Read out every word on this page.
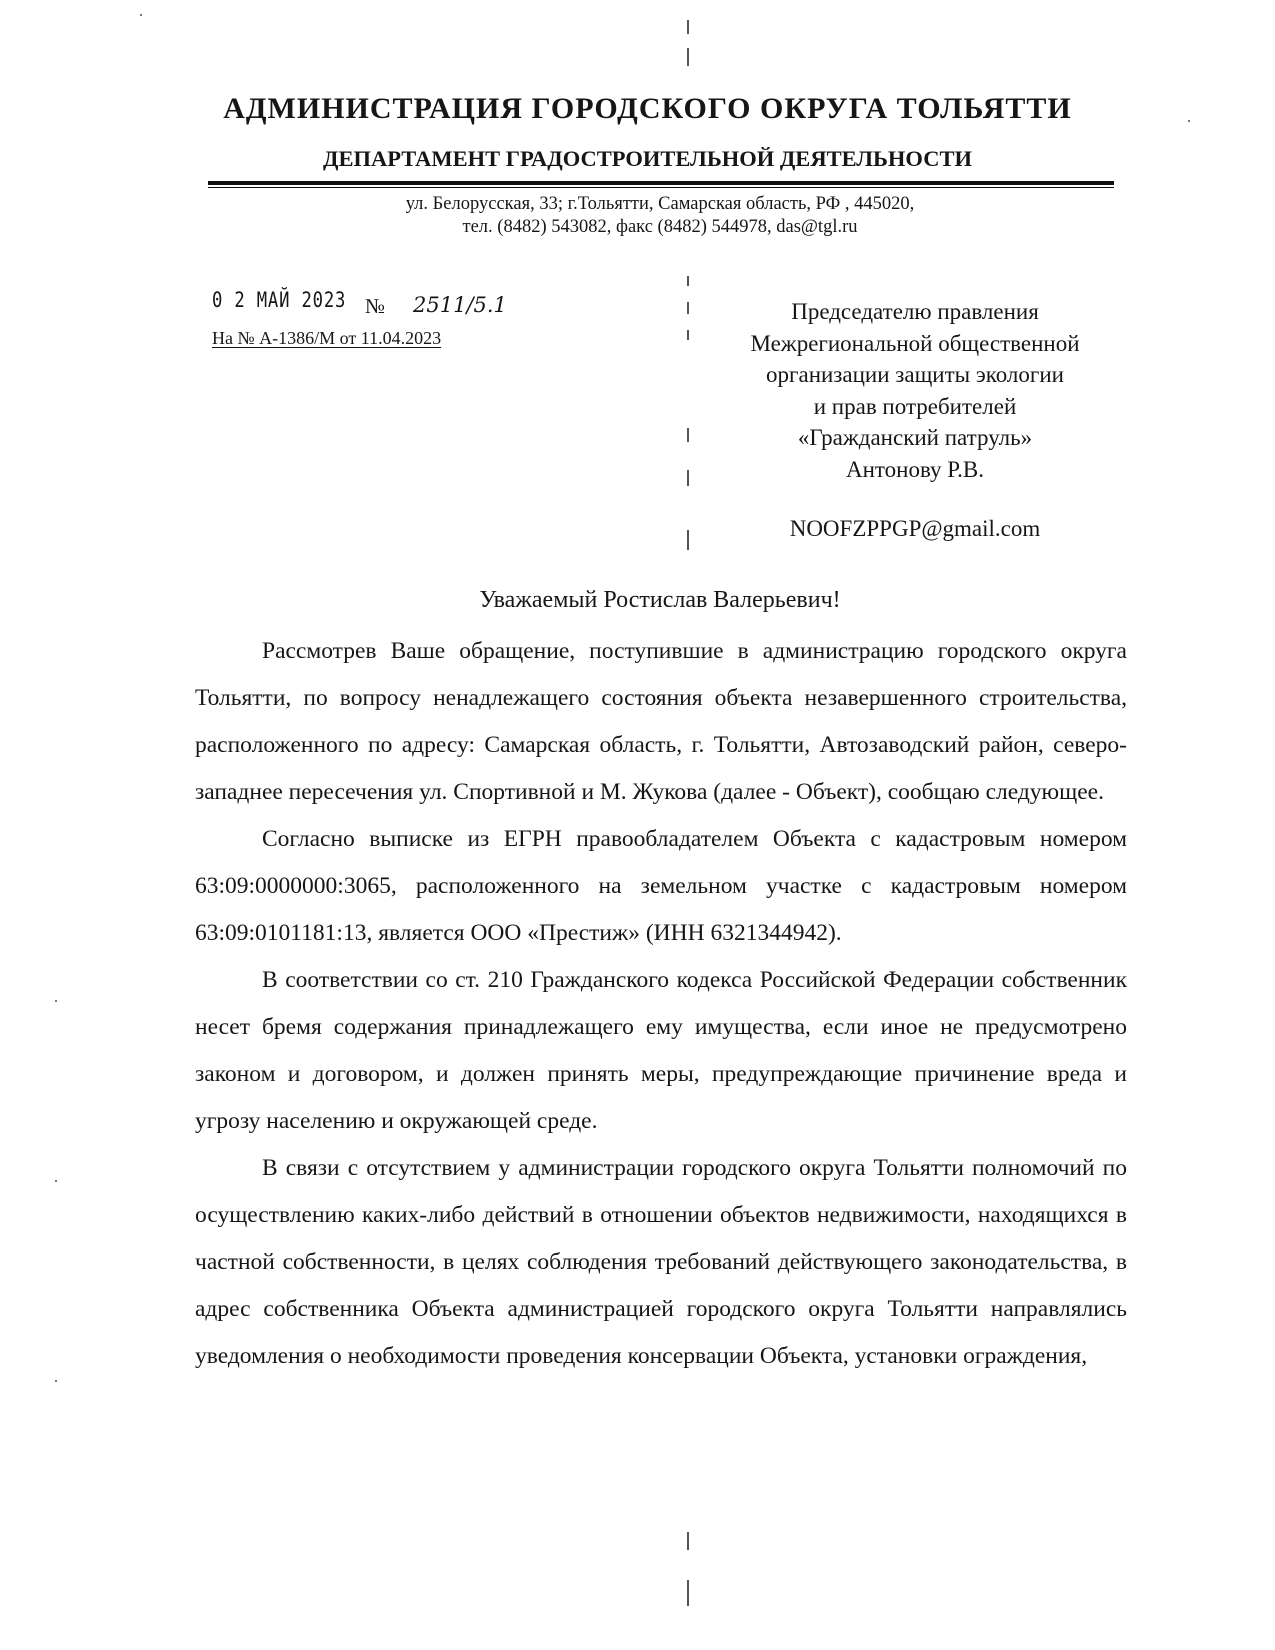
АДМИНИСТРАЦИЯ ГОРОДСКОГО ОКРУГА ТОЛЬЯТТИ
ДЕПАРТАМЕНТ ГРАДОСТРОИТЕЛЬНОЙ ДЕЯТЕЛЬНОСТИ
ул. Белорусская, 33; г.Тольятти, Самарская область, РФ , 445020,
тел. (8482) 543082, факс (8482) 544978, das@tgl.ru
0 2 МАЙ 2023 № 2511/5.1
На № А-1386/М от 11.04.2023
Председателю правления
Межрегиональной общественной
организации защиты экологии
и прав потребителей
«Гражданский патруль»
Антонову Р.В.
NOOFZPPGP@gmail.com
Уважаемый Ростислав Валерьевич!

Рассмотрев Ваше обращение, поступившие в администрацию городского округа Тольятти, по вопросу ненадлежащего состояния объекта незавершенного строительства, расположенного по адресу: Самарская область, г. Тольятти, Автозаводский район, северо-западнее пересечения ул. Спортивной и М. Жукова (далее - Объект), сообщаю следующее.

Согласно выписке из ЕГРН правообладателем Объекта с кадастровым номером 63:09:0000000:3065, расположенного на земельном участке с кадастровым номером 63:09:0101181:13, является ООО «Престиж» (ИНН 6321344942).

В соответствии со ст. 210 Гражданского кодекса Российской Федерации собственник несет бремя содержания принадлежащего ему имущества, если иное не предусмотрено законом и договором, и должен принять меры, предупреждающие причинение вреда и угрозу населению и окружающей среде.

В связи с отсутствием у администрации городского округа Тольятти полномочий по осуществлению каких-либо действий в отношении объектов недвижимости, находящихся в частной собственности, в целях соблюдения требований действующего законодательства, в адрес собственника Объекта администрацией городского округа Тольятти направлялись уведомления о необходимости проведения консервации Объекта, установки ограждения,
